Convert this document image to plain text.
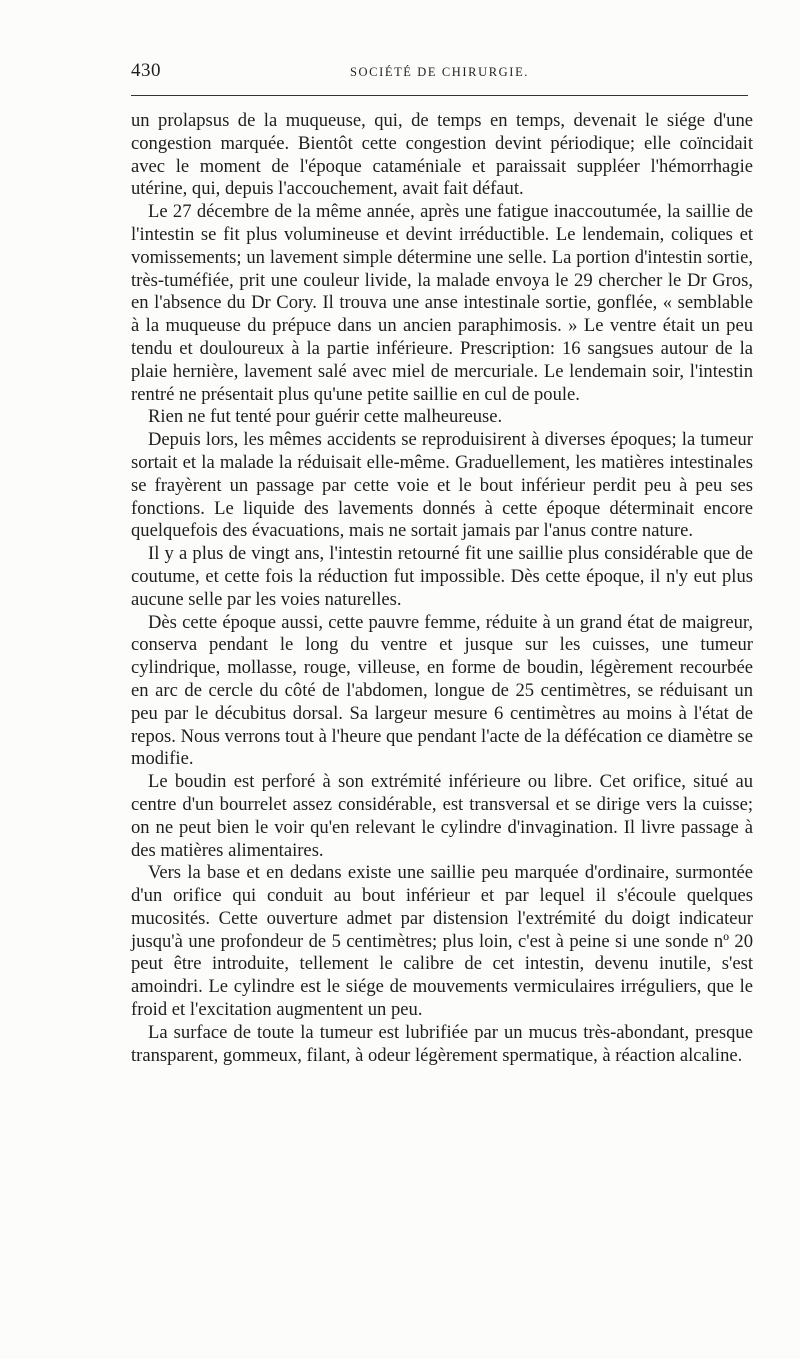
430	SOCIÉTÉ DE CHIRURGIE.

un prolapsus de la muqueuse, qui, de temps en temps, devenait le siége d'une congestion marquée. Bientôt cette congestion devint périodique; elle coïncidait avec le moment de l'époque cataméniale et paraissait suppléer l'hémorrhagie utérine, qui, depuis l'accouchement, avait fait défaut.

Le 27 décembre de la même année, après une fatigue inaccoutumée, la saillie de l'intestin se fit plus volumineuse et devint irréductible. Le lendemain, coliques et vomissements; un lavement simple détermine une selle. La portion d'intestin sortie, très-tuméfiée, prit une couleur livide, la malade envoya le 29 chercher le Dr Gros, en l'absence du Dr Cory. Il trouva une anse intestinale sortie, gonflée, « semblable à la muqueuse du prépuce dans un ancien paraphimosis. » Le ventre était un peu tendu et douloureux à la partie inférieure. Prescription: 16 sangsues autour de la plaie hernière, lavement salé avec miel de mercuriale. Le lendemain soir, l'intestin rentré ne présentait plus qu'une petite saillie en cul de poule.

Rien ne fut tenté pour guérir cette malheureuse.

Depuis lors, les mêmes accidents se reproduisirent à diverses époques; la tumeur sortait et la malade la réduisait elle-même. Graduellement, les matières intestinales se frayèrent un passage par cette voie et le bout inférieur perdit peu à peu ses fonctions. Le liquide des lavements donnés à cette époque déterminait encore quelquefois des évacuations, mais ne sortait jamais par l'anus contre nature.

Il y a plus de vingt ans, l'intestin retourné fit une saillie plus considérable que de coutume, et cette fois la réduction fut impossible. Dès cette époque, il n'y eut plus aucune selle par les voies naturelles.

Dès cette époque aussi, cette pauvre femme, réduite à un grand état de maigreur, conserva pendant le long du ventre et jusque sur les cuisses, une tumeur cylindrique, mollasse, rouge, villeuse, en forme de boudin, légèrement recourbée en arc de cercle du côté de l'abdomen, longue de 25 centimètres, se réduisant un peu par le décubitus dorsal. Sa largeur mesure 6 centimètres au moins à l'état de repos. Nous verrons tout à l'heure que pendant l'acte de la défécation ce diamètre se modifie.

Le boudin est perforé à son extrémité inférieure ou libre. Cet orifice, situé au centre d'un bourrelet assez considérable, est transversal et se dirige vers la cuisse; on ne peut bien le voir qu'en relevant le cylindre d'invagination. Il livre passage à des matières alimentaires.

Vers la base et en dedans existe une saillie peu marquée d'ordinaire, surmontée d'un orifice qui conduit au bout inférieur et par lequel il s'écoule quelques mucosités. Cette ouverture admet par distension l'extrémité du doigt indicateur jusqu'à une profondeur de 5 centimètres; plus loin, c'est à peine si une sonde nº 20 peut être introduite, tellement le calibre de cet intestin, devenu inutile, s'est amoindri. Le cylindre est le siége de mouvements vermiculaires irréguliers, que le froid et l'excitation augmentent un peu.

La surface de toute la tumeur est lubrifiée par un mucus très-abondant, presque transparent, gommeux, filant, à odeur légèrement spermatique, à réaction alcaline.
